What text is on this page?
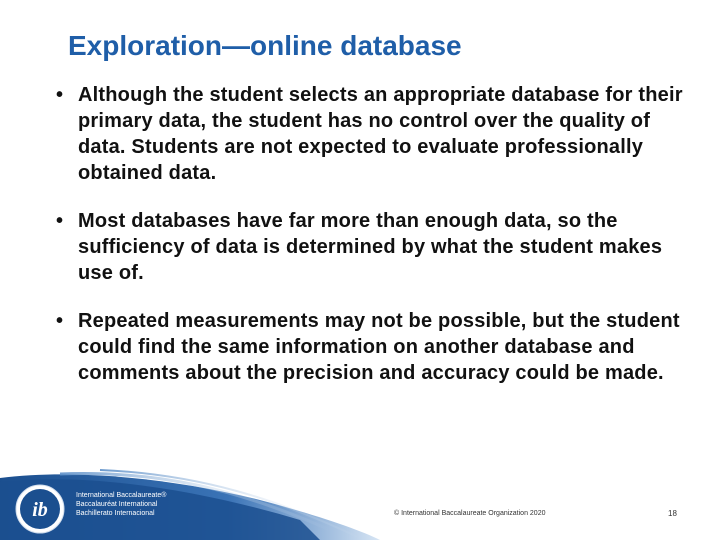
Exploration—online database
• Although the student selects an appropriate database for their primary data, the student has no control over the quality of data. Students are not expected to evaluate professionally obtained data.
• Most databases have far more than enough data, so the sufficiency of data is determined by what the student makes use of.
• Repeated measurements may not be possible, but the student could find the same information on another database and comments about the precision and accuracy could be made.
ib
International Baccalaureate®
Baccalauréat International
Bachillerato Internacional	© International Baccalaureate Organization 2020	18
